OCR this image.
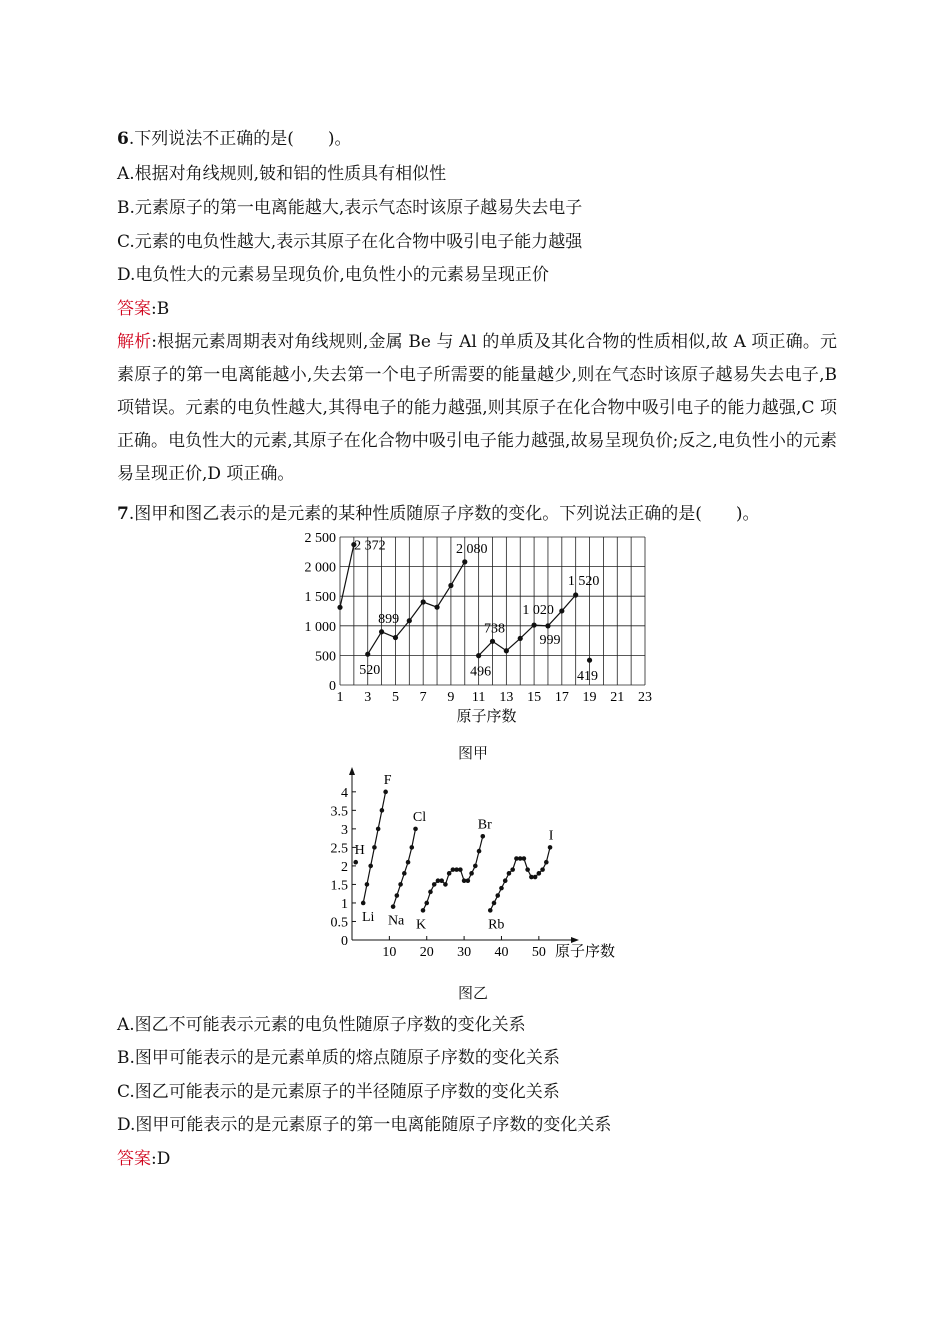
6.下列说法不正确的是(　　)。
A.根据对角线规则,铍和铝的性质具有相似性
B.元素原子的第一电离能越大,表示气态时该原子越易失去电子
C.元素的电负性越大,表示其原子在化合物中吸引电子能力越强
D.电负性大的元素易呈现负价,电负性小的元素易呈现正价
答案:B
解析:根据元素周期表对角线规则,金属 Be 与 Al 的单质及其化合物的性质相似,故 A 项正确。元素原子的第一电离能越小,失去第一个电子所需要的能量越少,则在气态时该原子越易失去电子,B 项错误。元素的电负性越大,其得电子的能力越强,则其原子在化合物中吸引电子的能力越强,C 项正确。电负性大的元素,其原子在化合物中吸引电子能力越强,故易呈现负价;反之,电负性小的元素易呈现正价,D 项正确。
7.图甲和图乙表示的是元素的某种性质随原子序数的变化。下列说法正确的是(　　)。
0
500
1 000
1 500
2 000
2 500
1 3 5 7 9 11 13 15 17 19 21 23
原子序数
2 372	2 080
899
520
738
496
1 020
999
1 520
419
图甲
0
0.5
1
1.5
2
2.5
3
3.5
4
10 20 30 40 50 原子序数
H
Li
F
Na
Cl
K
Br
Rb
I
图乙
A.图乙不可能表示元素的电负性随原子序数的变化关系
B.图甲可能表示的是元素单质的熔点随原子序数的变化关系
C.图乙可能表示的是元素原子的半径随原子序数的变化关系
D.图甲可能表示的是元素原子的第一电离能随原子序数的变化关系
答案:D
